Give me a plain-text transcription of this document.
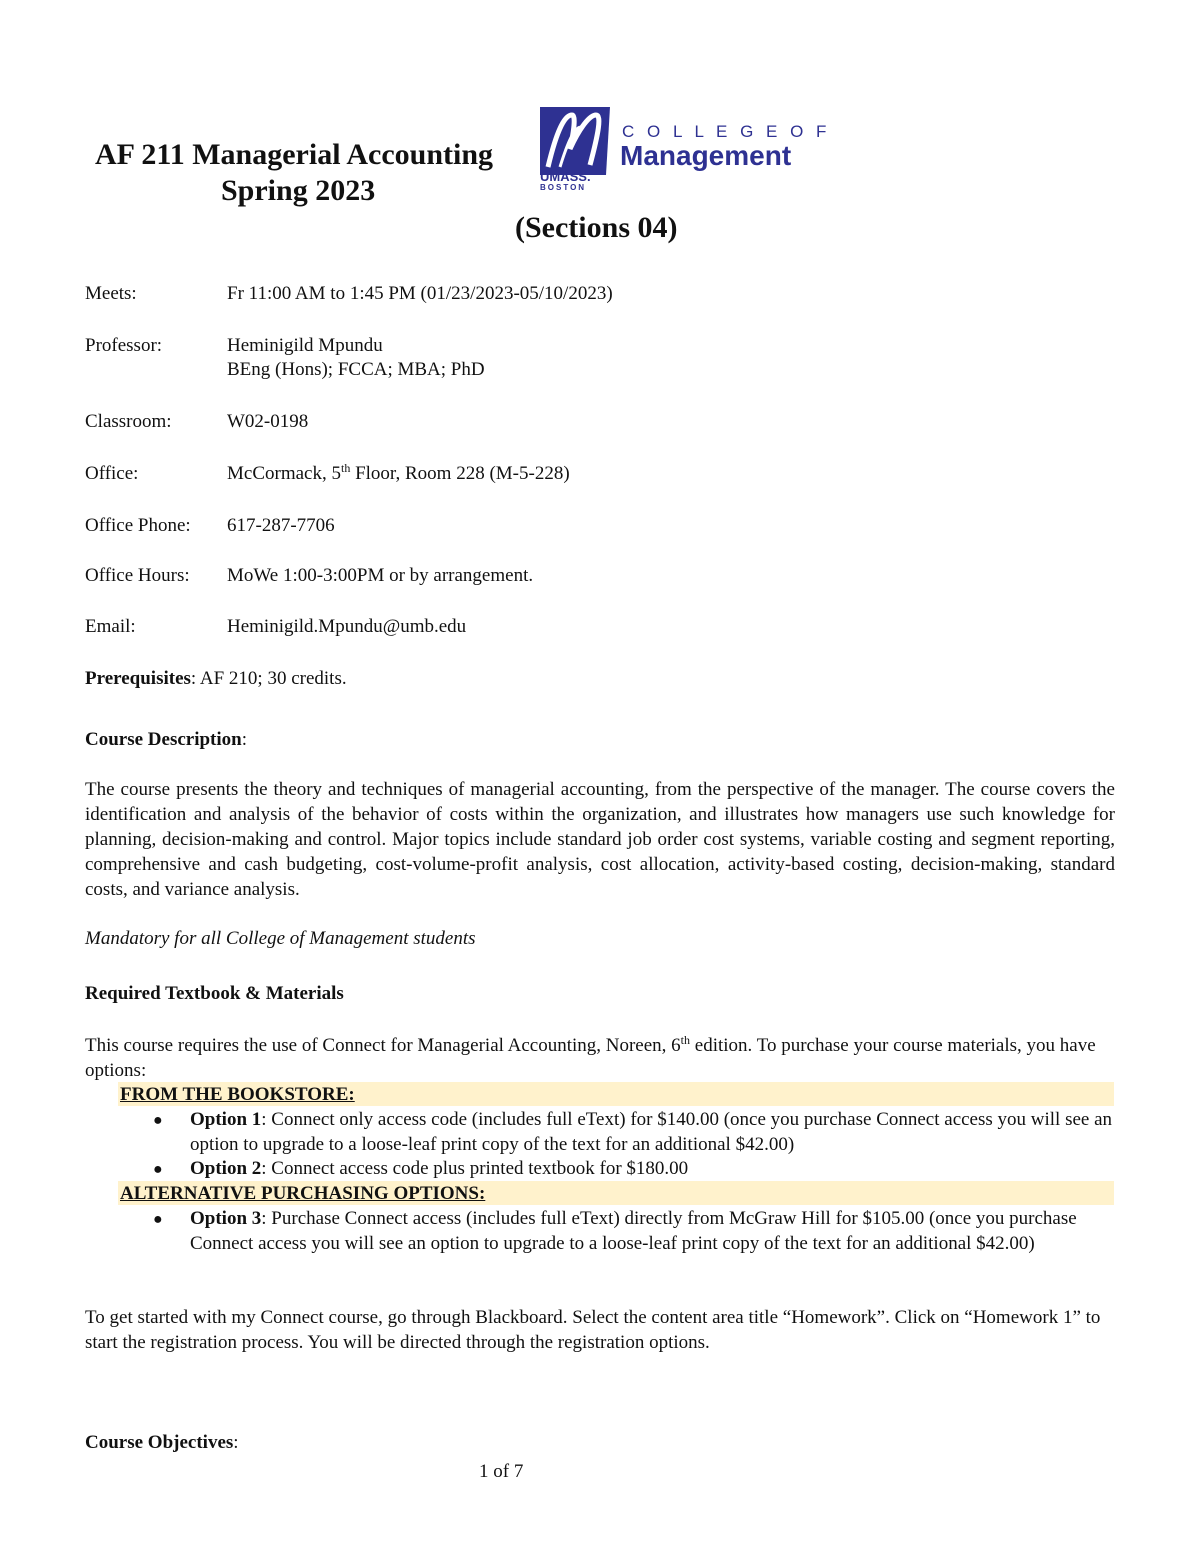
AF 211 Managerial Accounting
Spring 2023
(Sections 04)
C O L L E G E O F
Management
UMASS.
BOSTON
Meets:	Fr 11:00 AM to 1:45 PM (01/23/2023-05/10/2023)
Professor:	Heminigild Mpundu
BEng (Hons); FCCA; MBA; PhD
Classroom:	W02-0198
Office:	McCormack, 5th Floor, Room 228 (M-5-228)
Office Phone: 617-287-7706
Office Hours: MoWe 1:00-3:00PM or by arrangement.
Email:	Heminigild.Mpundu@umb.edu
Prerequisites: AF 210; 30 credits.
Course Description:
The course presents the theory and techniques of managerial accounting, from the perspective of the manager. The course covers the identification and analysis of the behavior of costs within the organization, and illustrates how managers use such knowledge for planning, decision-making and control. Major topics include standard job order cost systems, variable costing and segment reporting, comprehensive and cash budgeting, cost-volume-profit analysis, cost allocation, activity-based costing, decision-making, standard costs, and variance analysis.
Mandatory for all College of Management students
Required Textbook & Materials
This course requires the use of Connect for Managerial Accounting, Noreen, 6th edition. To purchase your course materials, you have options:
FROM THE BOOKSTORE:
● Option 1: Connect only access code (includes full eText) for $140.00 (once you purchase Connect access you will see an option to upgrade to a loose-leaf print copy of the text for an additional $42.00)
● Option 2: Connect access code plus printed textbook for $180.00
ALTERNATIVE PURCHASING OPTIONS:
● Option 3: Purchase Connect access (includes full eText) directly from McGraw Hill for $105.00 (once you purchase Connect access you will see an option to upgrade to a loose-leaf print copy of the text for an additional $42.00)
To get started with my Connect course, go through Blackboard. Select the content area title “Homework”. Click on “Homework 1” to start the registration process. You will be directed through the registration options.
Course Objectives:
1 of 7
